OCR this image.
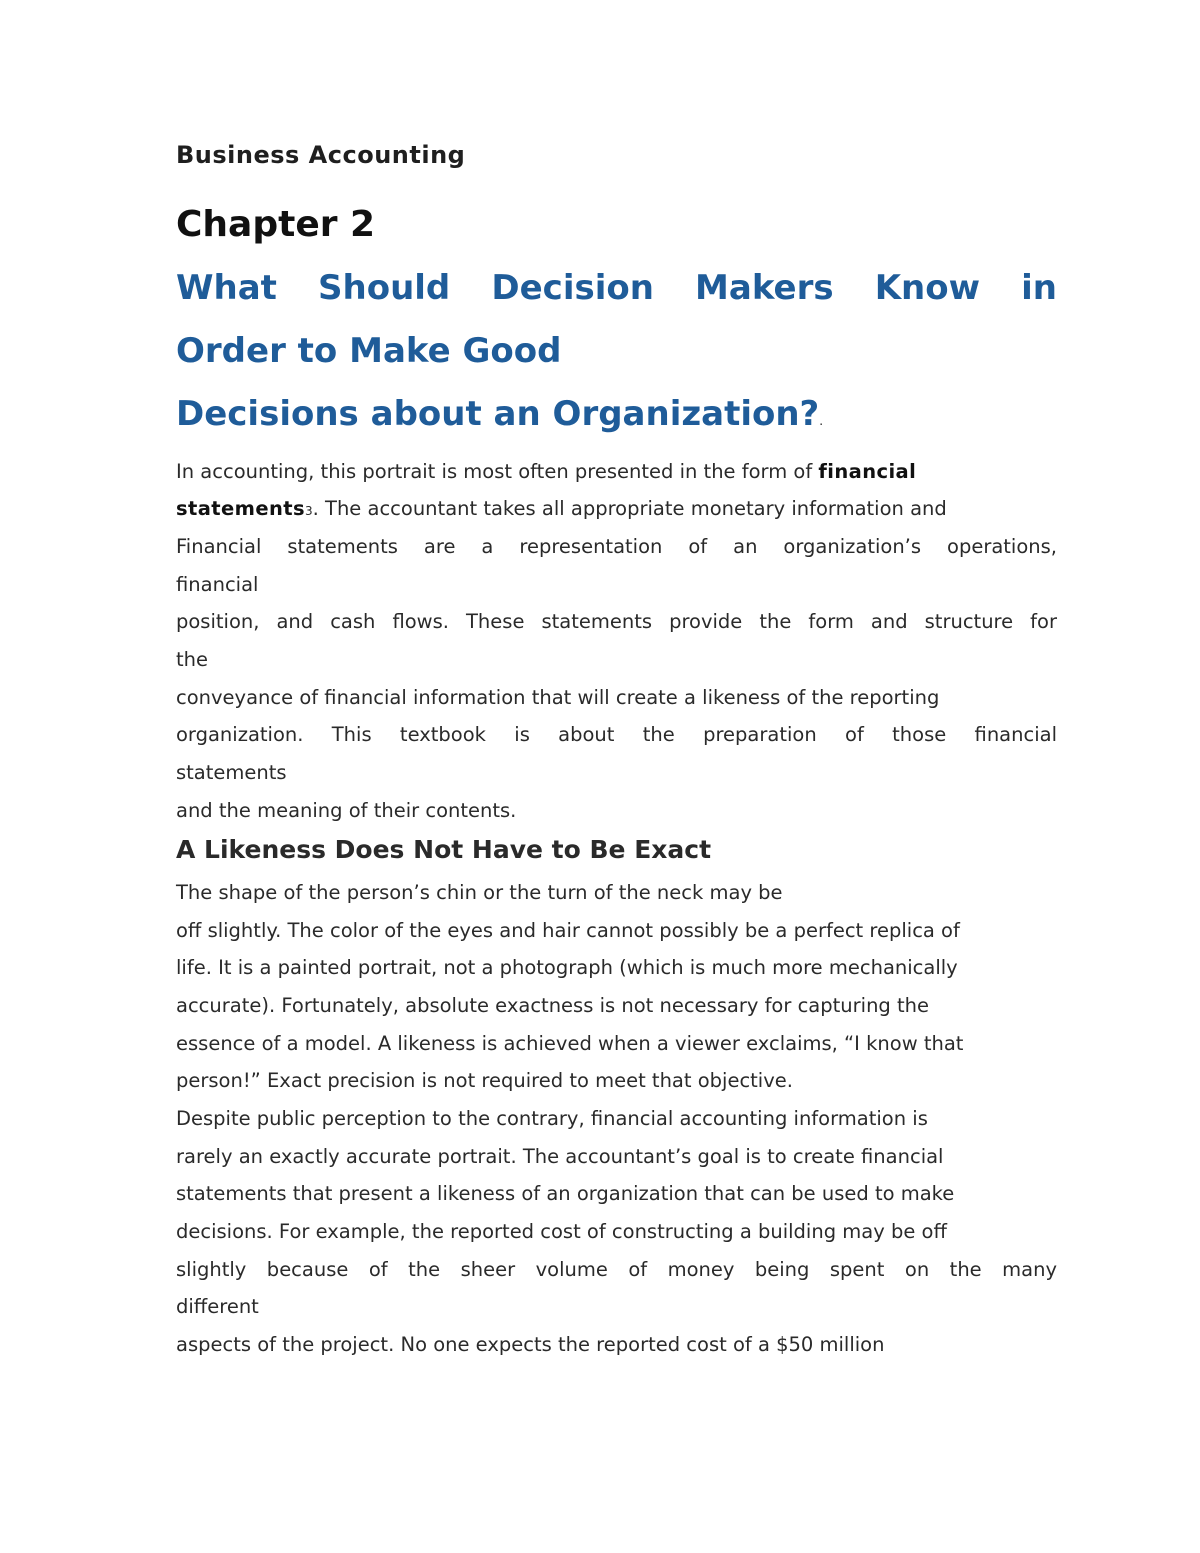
Business Accounting

Chapter 2
What Should Decision Makers Know in
Order to Make Good
Decisions about an Organization?.

In accounting, this portrait is most often presented in the form of financial

statements3. The accountant takes all appropriate monetary information and

Financial statements are a representation of an organization’s operations,

financial

position, and cash flows. These statements provide the form and structure for

the

conveyance of financial information that will create a likeness of the reporting

organization. This textbook is about the preparation of those financial

statements

and the meaning of their contents.

A Likeness Does Not Have to Be Exact

The shape of the person’s chin or the turn of the neck may be

off slightly. The color of the eyes and hair cannot possibly be a perfect replica of

life. It is a painted portrait, not a photograph (which is much more mechanically

accurate). Fortunately, absolute exactness is not necessary for capturing the

essence of a model. A likeness is achieved when a viewer exclaims, “I know that

person!” Exact precision is not required to meet that objective.

Despite public perception to the contrary, financial accounting information is

rarely an exactly accurate portrait. The accountant’s goal is to create financial

statements that present a likeness of an organization that can be used to make

decisions. For example, the reported cost of constructing a building may be off

slightly because of the sheer volume of money being spent on the many

different

aspects of the project. No one expects the reported cost of a $50 million
